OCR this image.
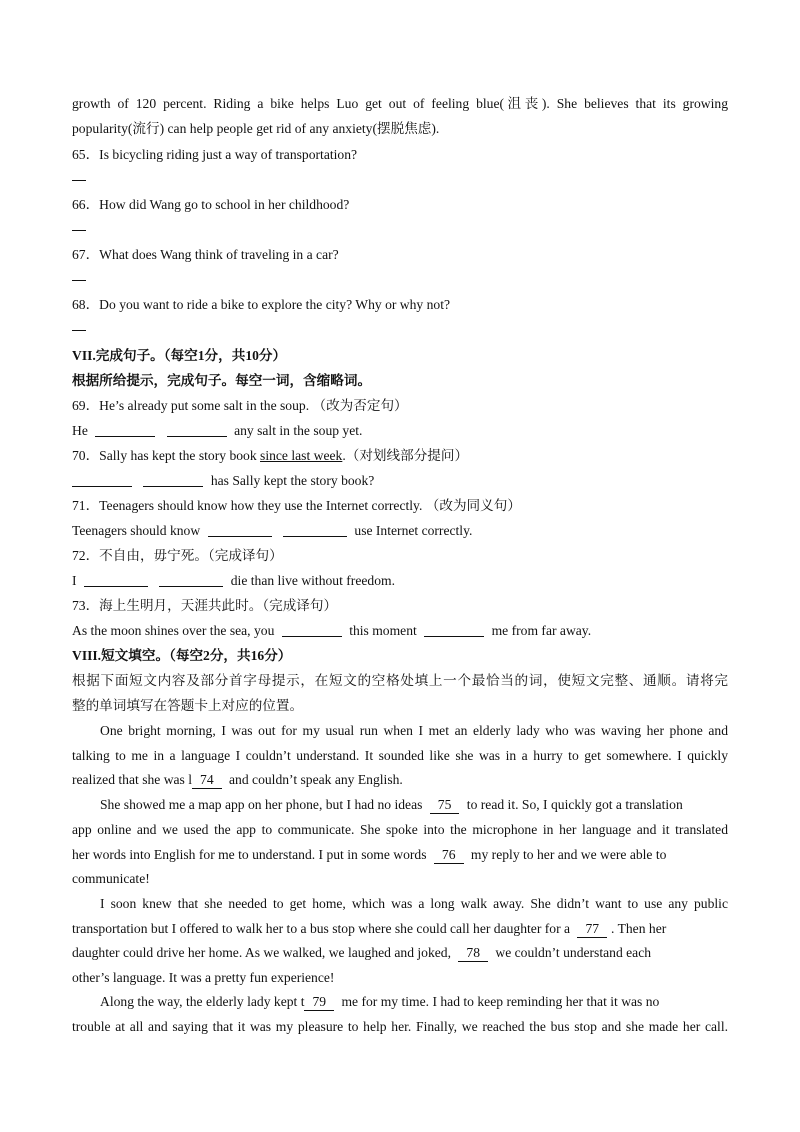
growth of 120 percent. Riding a bike helps Luo get out of feeling blue(沮丧). She believes that its growing
popularity(流行) can help people get rid of any anxiety(摆脱焦虑).
65．Is bicycling riding just a way of transportation?
66．How did Wang go to school in her childhood?
67．What does Wang think of traveling in a car?
68．Do you want to ride a bike to explore the city? Why or why not?
VII.完成句子。（每空1分，共10分）
根据所给提示，完成句子。每空一词，含缩略词。
69．He’s already put some salt in the soup. （改为否定句）
He	any salt in the soup yet.
70．Sally has kept the story book since last week.（对划线部分提问）
has Sally kept the story book?
71．Teenagers should know how they use the Internet correctly. （改为同义句）
Teenagers should know	use Internet correctly.
72．不自由，毋宁死。（完成译句）
I	die than live without freedom.
73．海上生明月，天涯共此时。（完成译句）
As the moon shines over the sea, you	this moment	me from far away.
VIII.短文填空。（每空2分，共16分）
根据下面短文内容及部分首字母提示，在短文的空格处填上一个最恰当的词，使短文完整、通顺。请将完
整的单词填写在答题卡上对应的位置。
One bright morning, I was out for my usual run when I met an elderly lady who was waving her phone and
talking to me in a language I couldn’t understand. It sounded like she was in a hurry to get somewhere. I quickly
realized that she was l 74 and couldn’t speak any English.
She showed me a map app on her phone, but I had no ideas 75 to read it. So, I quickly got a translation
app online and we used the app to communicate. She spoke into the microphone in her language and it translated
her words into English for me to understand. I put in some words 76 my reply to her and we were able to
communicate!
I soon knew that she needed to get home, which was a long walk away. She didn’t want to use any public
transportation but I offered to walk her to a bus stop where she could call her daughter for a 77 . Then her
daughter could drive her home. As we walked, we laughed and joked, 78 we couldn’t understand each
other’s language. It was a pretty fun experience!
Along the way, the elderly lady kept t 79 me for my time. I had to keep reminding her that it was no
trouble at all and saying that it was my pleasure to help her. Finally, we reached the bus stop and she made her call.
